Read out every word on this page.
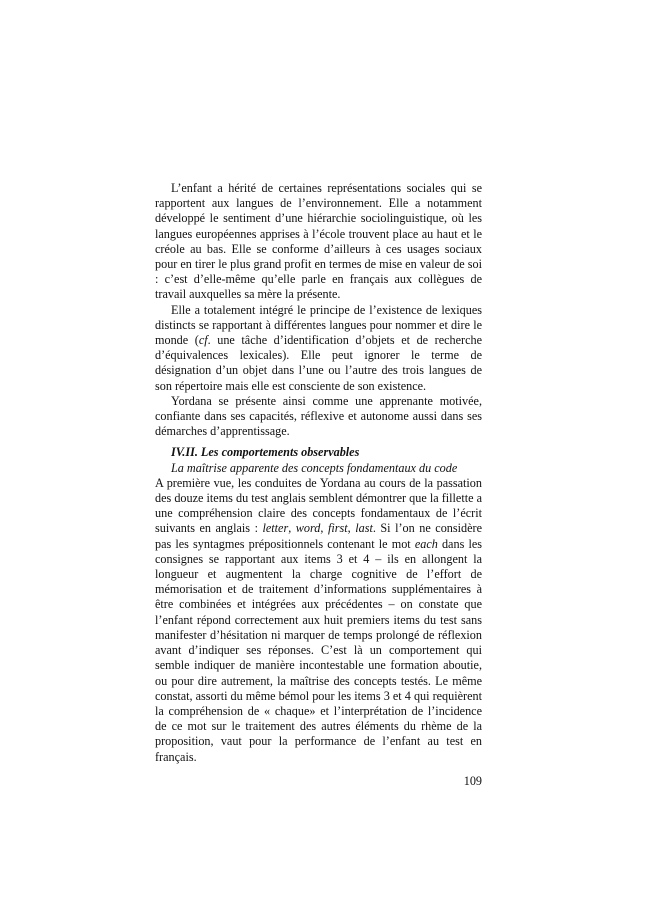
L’enfant a hérité de certaines représentations sociales qui se rapportent aux langues de l’environnement. Elle a notamment développé le sentiment d’une hiérarchie sociolinguistique, où les langues européennes apprises à l’école trouvent place au haut et le créole au bas. Elle se conforme d’ailleurs à ces usages sociaux pour en tirer le plus grand profit en termes de mise en valeur de soi : c’est d’elle-même qu’elle parle en français aux collègues de travail auxquelles sa mère la présente.

Elle a totalement intégré le principe de l’existence de lexiques distincts se rapportant à différentes langues pour nommer et dire le monde (cf. une tâche d’identification d’objets et de recherche d’équivalences lexicales). Elle peut ignorer le terme de désignation d’un objet dans l’une ou l’autre des trois langues de son répertoire mais elle est consciente de son existence.

Yordana se présente ainsi comme une apprenante motivée, confiante dans ses capacités, réflexive et autonome aussi dans ses démarches d’apprentissage.

IV.II. Les comportements observables

La maîtrise apparente des concepts fondamentaux du code

A première vue, les conduites de Yordana au cours de la passation des douze items du test anglais semblent démontrer que la fillette a une compréhension claire des concepts fondamentaux de l’écrit suivants en anglais : letter, word, first, last. Si l’on ne considère pas les syntagmes prépositionnels contenant le mot each dans les consignes se rapportant aux items 3 et 4 – ils en allongent la longueur et augmentent la charge cognitive de l’effort de mémorisation et de traitement d’informations supplémentaires à être combinées et intégrées aux précédentes – on constate que l’enfant répond correctement aux huit premiers items du test sans manifester d’hésitation ni marquer de temps prolongé de réflexion avant d’indiquer ses réponses. C’est là un comportement qui semble indiquer de manière incontestable une formation aboutie, ou pour dire autrement, la maîtrise des concepts testés. Le même constat, assorti du même bémol pour les items 3 et 4 qui requièrent la compréhension de « chaque» et l’interprétation de l’incidence de ce mot sur le traitement des autres éléments du rhème de la proposition, vaut pour la performance de l’enfant au test en français.

109
